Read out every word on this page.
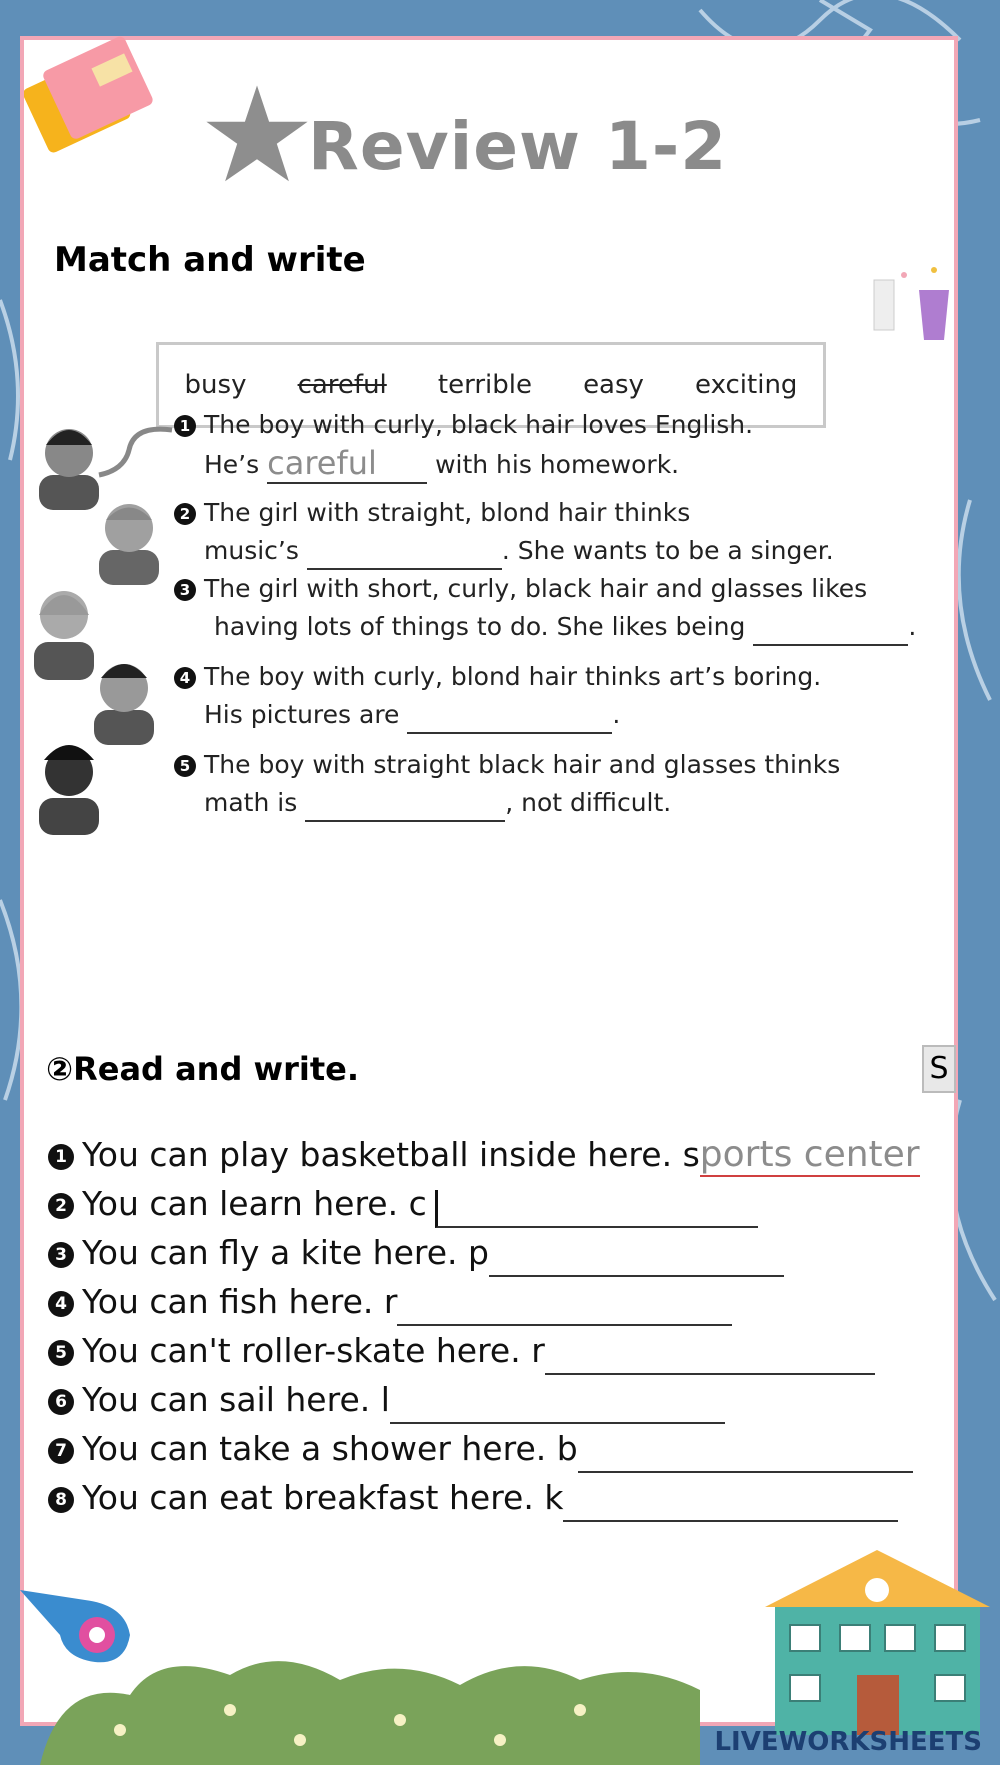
Review 1-2
Match and write
busy careful terrible easy exciting
1 The boy with curly, black hair loves English.
He’s careful with his homework.
2 The girl with straight, blond hair thinks
music’s	. She wants to be a singer.
3 The girl with short, curly, black hair and glasses likes
having lots of things to do. She likes being	.
4 The boy with curly, blond hair thinks art’s boring.
His pictures are	.
5 The boy with straight black hair and glasses thinks
math is	, not difficult.
②Read and write.	S
1 You can play basketball inside here. sports center
2 You can learn here. c
3 You can fly a kite here. p
4 You can fish here. r
5 You can't roller-skate here. r
6 You can sail here. l
7 You can take a shower here. b
8 You can eat breakfast here. k
LIVEWORKSHEETS
